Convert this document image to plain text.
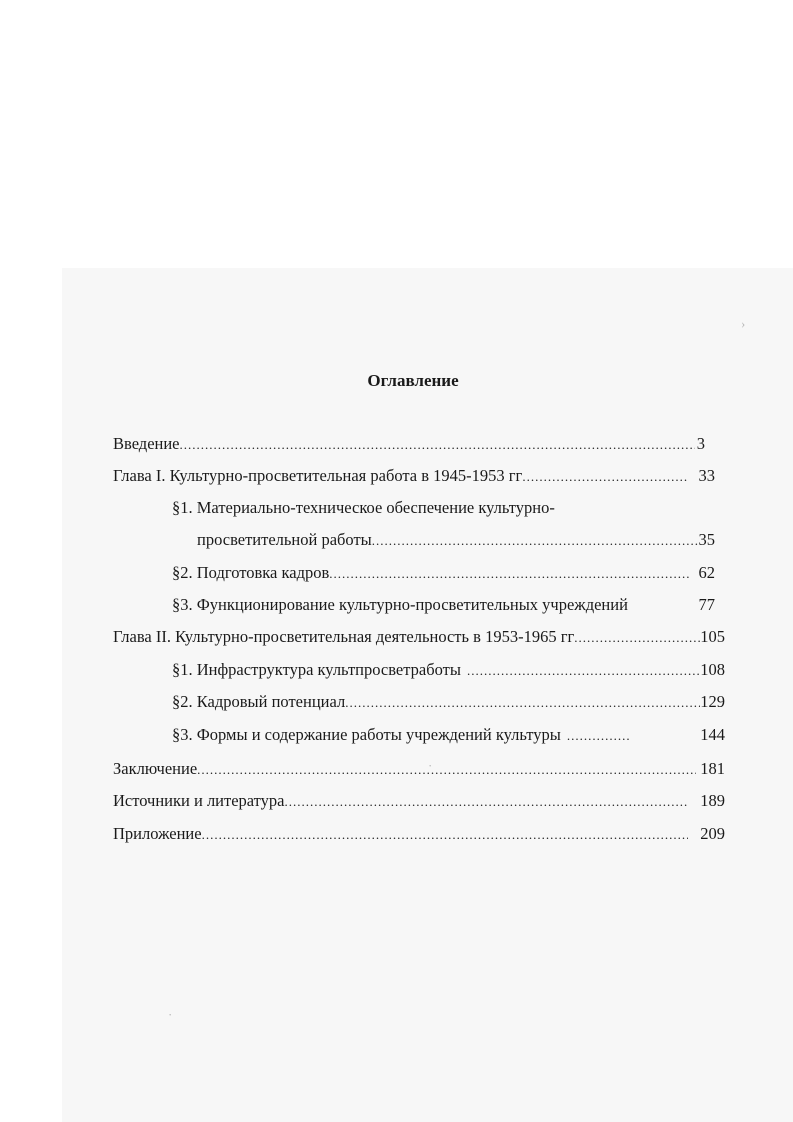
›
·
·
Оглавление
Введение .....	3
Глава I. Культурно-просветительная работа в 1945-1953 гг .....	33
§1. Материально-техническое обеспечение культурно-
просветительной работы .....	35
§2. Подготовка кадров .....	62
§3. Функционирование культурно-просветительных учреждений	77
Глава II. Культурно-просветительная деятельность в 1953-1965 гг .....	105
§1. Инфраструктура культпросветработы .....	108
§2. Кадровый потенциал .....	129
§3. Формы и содержание работы учреждений культуры .....	144
Заключение .....	181
Источники и литература .....	189
Приложение .....	209
